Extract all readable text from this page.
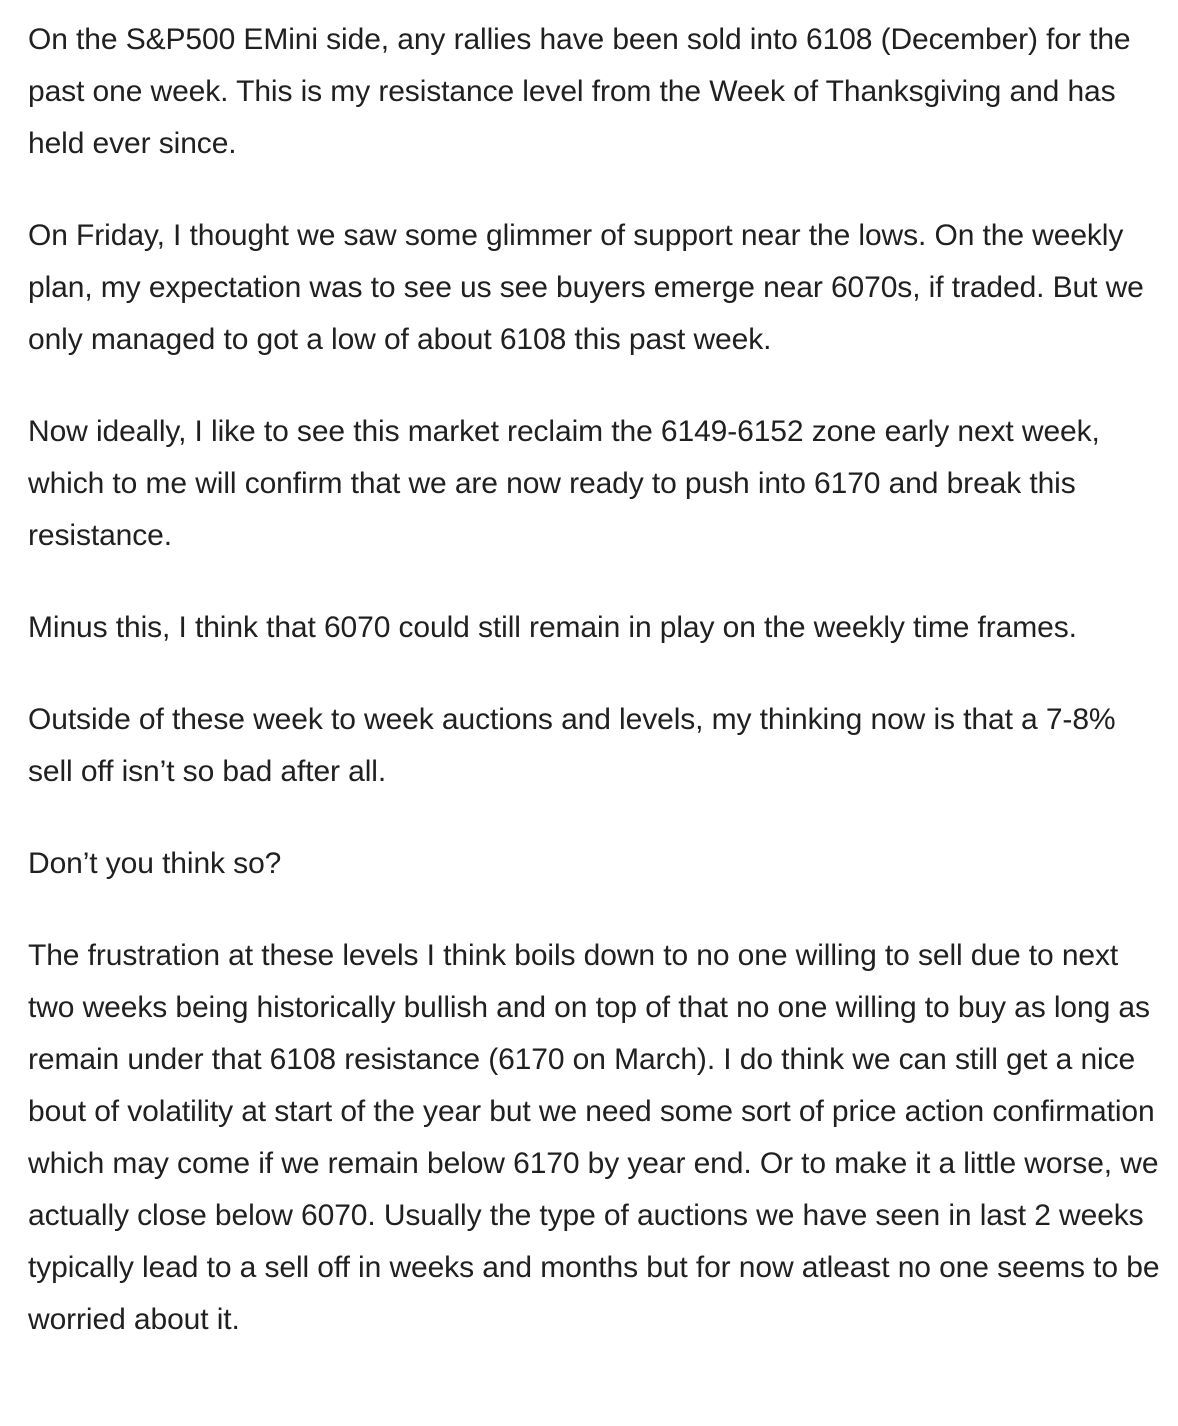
On the S&P500 EMini side, any rallies have been sold into 6108 (December) for the past one week. This is my resistance level from the Week of Thanksgiving and has held ever since.

On Friday, I thought we saw some glimmer of support near the lows. On the weekly plan, my expectation was to see us see buyers emerge near 6070s, if traded. But we only managed to got a low of about 6108 this past week.

Now ideally, I like to see this market reclaim the 6149-6152 zone early next week, which to me will confirm that we are now ready to push into 6170 and break this resistance.

Minus this, I think that 6070 could still remain in play on the weekly time frames.

Outside of these week to week auctions and levels, my thinking now is that a 7-8% sell off isn’t so bad after all.

Don’t you think so?

The frustration at these levels I think boils down to no one willing to sell due to next two weeks being historically bullish and on top of that no one willing to buy as long as remain under that 6108 resistance (6170 on March). I do think we can still get a nice bout of volatility at start of the year but we need some sort of price action confirmation which may come if we remain below 6170 by year end. Or to make it a little worse, we actually close below 6070. Usually the type of auctions we have seen in last 2 weeks typically lead to a sell off in weeks and months but for now atleast no one seems to be worried about it.
